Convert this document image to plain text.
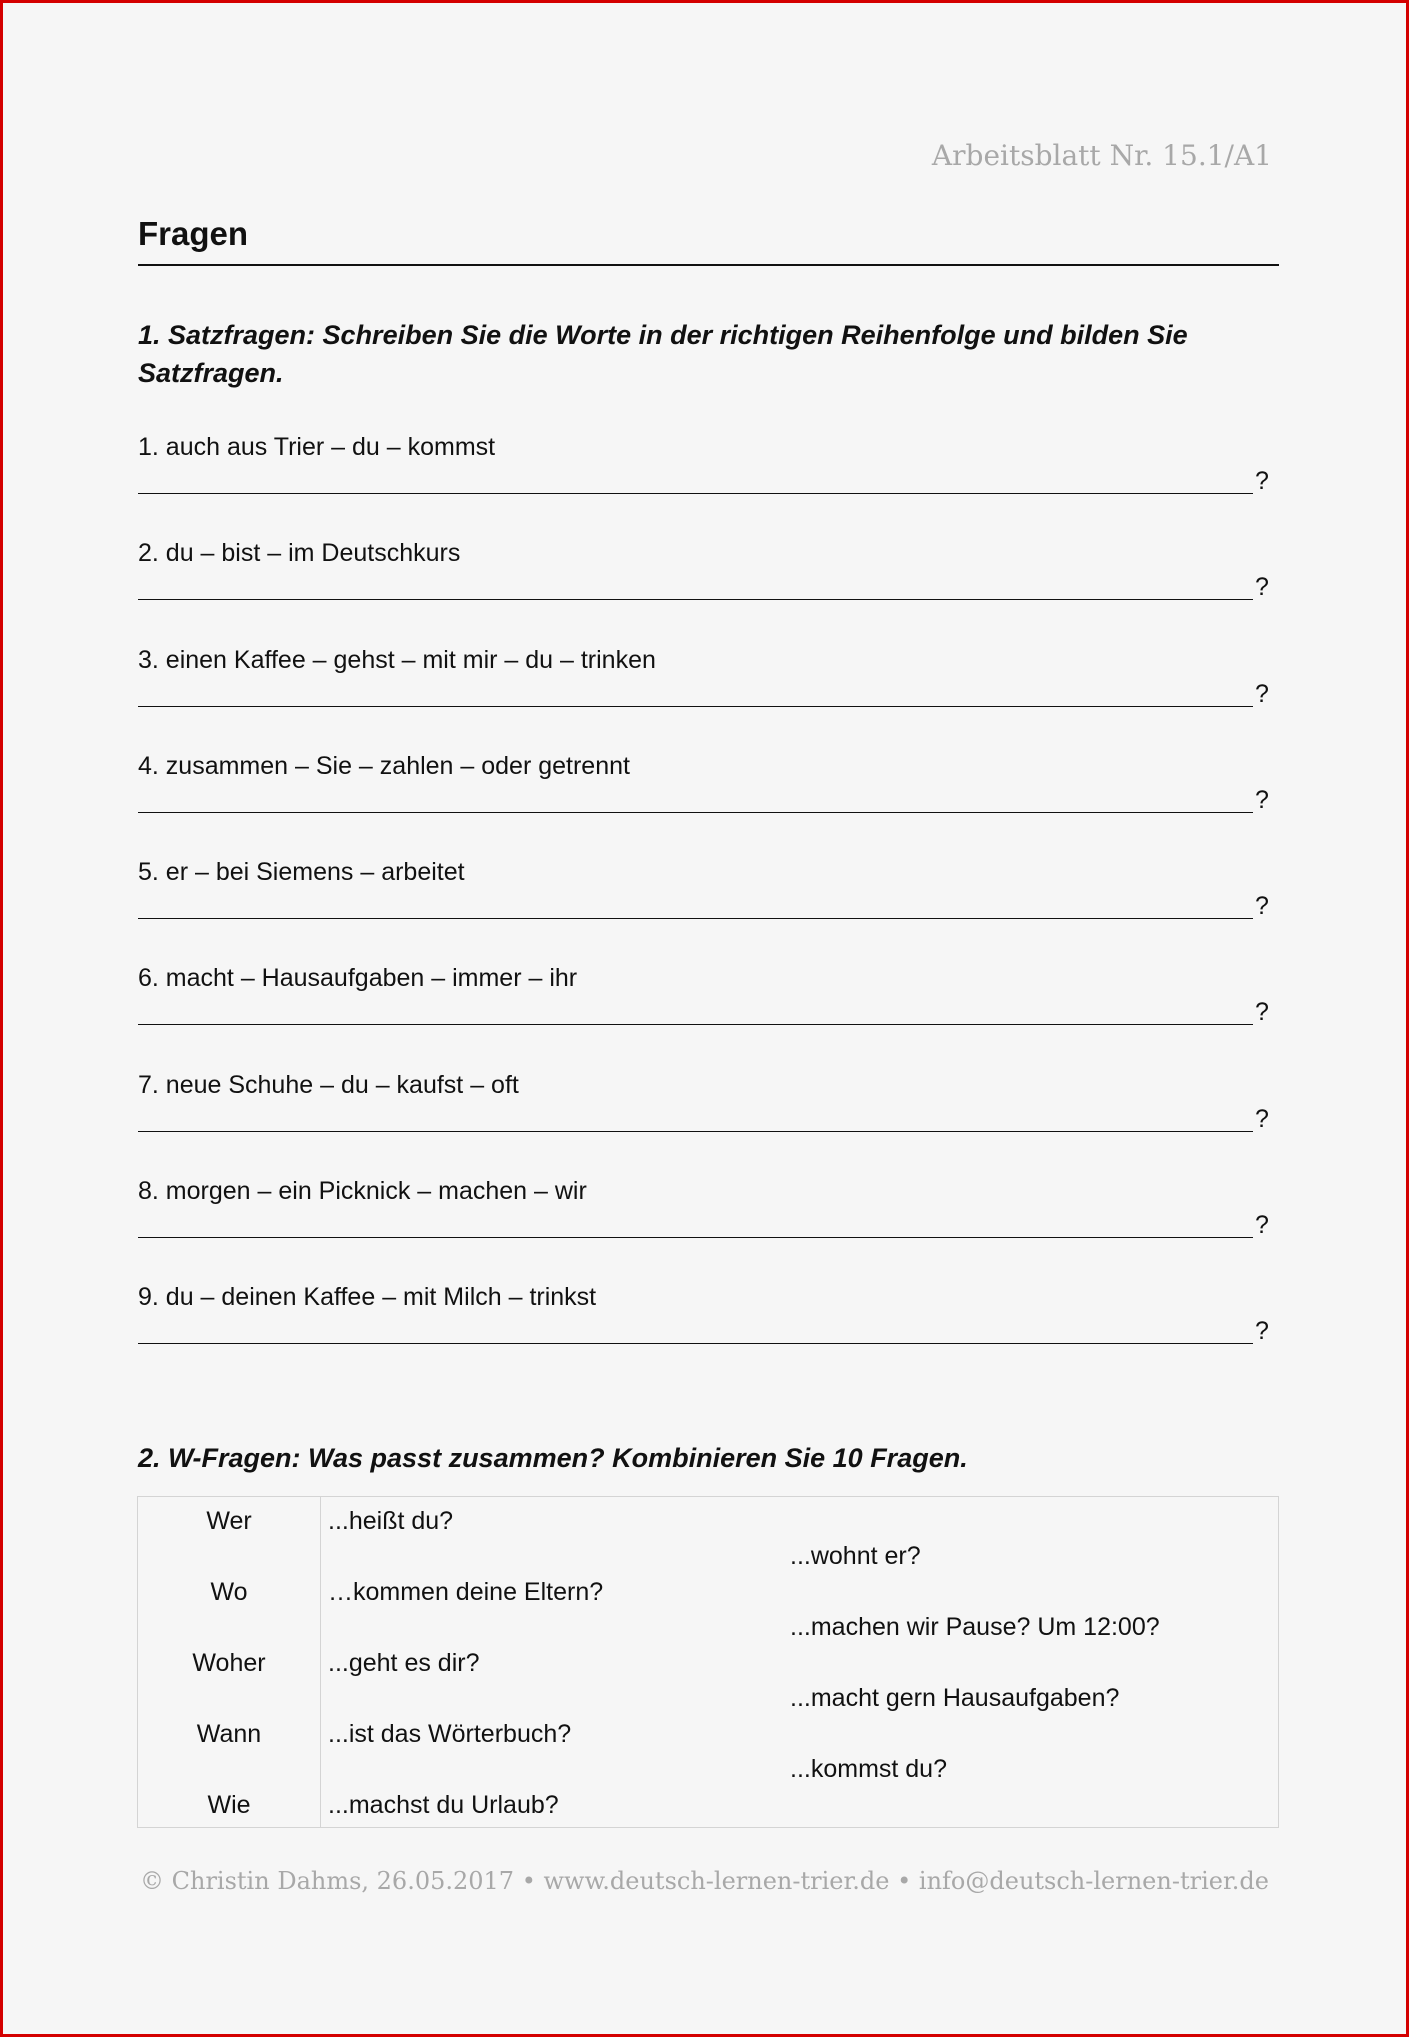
Arbeitsblatt Nr. 15.1/A1
Fragen
1. Satzfragen: Schreiben Sie die Worte in der richtigen Reihenfolge und bilden Sie Satzfragen.
1. auch aus Trier – du – kommst
?
2. du – bist – im Deutschkurs
?
3. einen Kaffee – gehst – mit mir – du – trinken
?
4. zusammen – Sie – zahlen – oder getrennt
?
5. er – bei Siemens – arbeitet
?
6. macht – Hausaufgaben – immer – ihr
?
7. neue Schuhe – du – kaufst – oft
?
8. morgen – ein Picknick – machen – wir
?
9. du – deinen Kaffee – mit Milch – trinkst
?
2. W-Fragen: Was passt zusammen? Kombinieren Sie 10 Fragen.
Wer
Wo
Woher
Wann
Wie
...heißt du?
…kommen deine Eltern?
...geht es dir?
...ist das Wörterbuch?
...machst du Urlaub?
...wohnt er?
...machen wir Pause? Um 12:00?
...macht gern Hausaufgaben?
...kommst du?
© Christin Dahms, 26.05.2017 • www.deutsch-lernen-trier.de • info@deutsch-lernen-trier.de
